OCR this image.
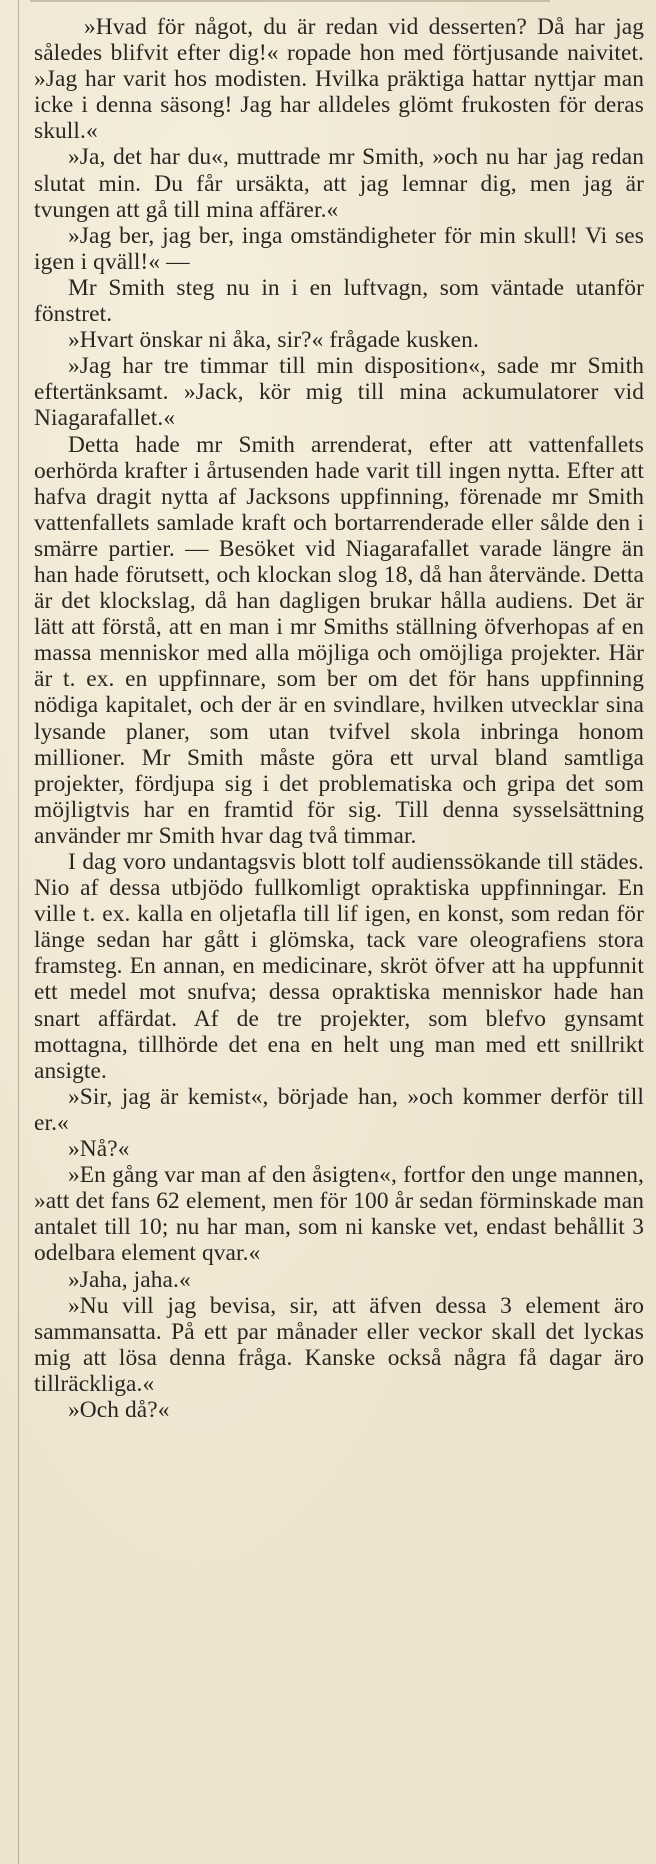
»Hvad för något, du är redan vid desserten? Då har jag således blifvit efter dig!« ropade hon med förtjusande naivitet. »Jag har varit hos modisten. Hvilka präktiga hattar nyttjar man icke i denna säsong! Jag har alldeles glömt frukosten för deras skull.«

»Ja, det har du«, muttrade mr Smith, »och nu har jag redan slutat min. Du får ursäkta, att jag lemnar dig, men jag är tvungen att gå till mina affärer.«

»Jag ber, jag ber, inga omständigheter för min skull! Vi ses igen i qväll!« —

Mr Smith steg nu in i en luftvagn, som väntade utanför fönstret.

»Hvart önskar ni åka, sir?« frågade kusken.

»Jag har tre timmar till min disposition«, sade mr Smith eftertänksamt. »Jack, kör mig till mina ackumulatorer vid Niagarafallet.«

Detta hade mr Smith arrenderat, efter att vattenfallets oerhörda krafter i årtusenden hade varit till ingen nytta. Efter att hafva dragit nytta af Jacksons uppfinning, förenade mr Smith vattenfallets samlade kraft och bortarrenderade eller sålde den i smärre partier. — Besöket vid Niagarafallet varade längre än han hade förutsett, och klockan slog 18, då han återvände. Detta är det klockslag, då han dagligen brukar hålla audiens. Det är lätt att förstå, att en man i mr Smiths ställning öfverhopas af en massa menniskor med alla möjliga och omöjliga projekter. Här är t. ex. en uppfinnare, som ber om det för hans uppfinning nödiga kapitalet, och der är en svindlare, hvilken utvecklar sina lysande planer, som utan tvifvel skola inbringa honom millioner. Mr Smith måste göra ett urval bland samtliga projekter, fördjupa sig i det problematiska och gripa det som möjligtvis har en framtid för sig. Till denna sysselsättning använder mr Smith hvar dag två timmar.

I dag voro undantagsvis blott tolf audienssökande till städes. Nio af dessa utbjödo fullkomligt opraktiska uppfinningar. En ville t. ex. kalla en oljetafla till lif igen, en konst, som redan för länge sedan har gått i glömska, tack vare oleografiens stora framsteg. En annan, en medicinare, skröt öfver att ha uppfunnit ett medel mot snufva; dessa opraktiska menniskor hade han snart affärdat. Af de tre projekter, som blefvo gynsamt mottagna, tillhörde det ena en helt ung man med ett snillrikt ansigte.

»Sir, jag är kemist«, började han, »och kommer derför till er.«

»Nå?«

»En gång var man af den åsigten«, fortfor den unge mannen, »att det fans 62 element, men för 100 år sedan förminskade man antalet till 10; nu har man, som ni kanske vet, endast behållit 3 odelbara element qvar.«

»Jaha, jaha.«

»Nu vill jag bevisa, sir, att äfven dessa 3 element äro sammansatta. På ett par månader eller veckor skall det lyckas mig att lösa denna fråga. Kanske också några få dagar äro tillräckliga.«

»Och då?«
